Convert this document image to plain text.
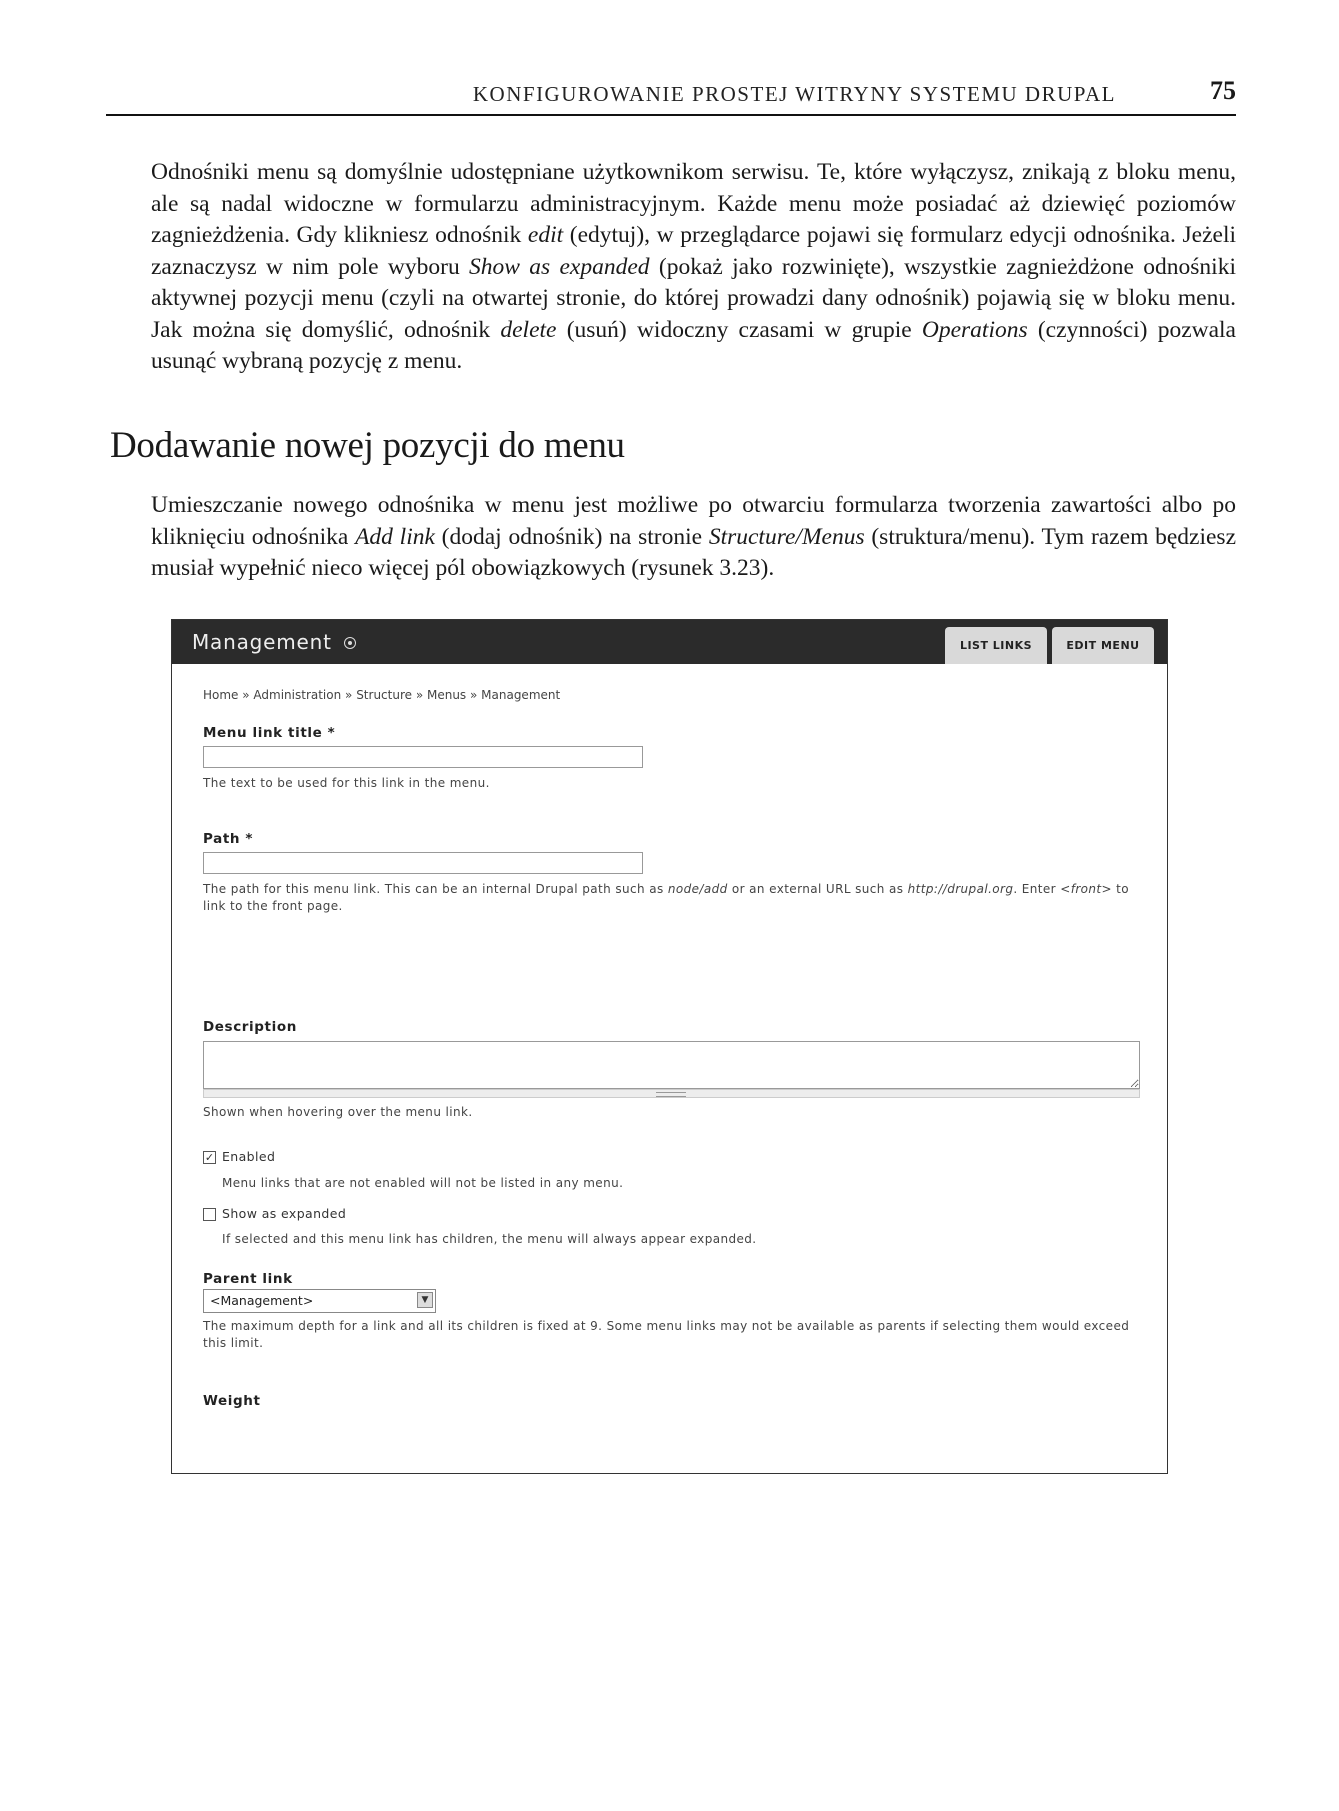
KONFIGUROWANIE PROSTEJ WITRYNY SYSTEMU DRUPAL	75

Odnośniki menu są domyślnie udostępniane użytkownikom serwisu. Te, które wyłączysz, znikają z bloku menu, ale są nadal widoczne w formularzu administracyjnym. Każde menu może posiadać aż dziewięć poziomów zagnieżdżenia. Gdy klikniesz odnośnik edit (edytuj), w przeglądarce pojawi się formularz edycji odnośnika. Jeżeli zaznaczysz w nim pole wyboru Show as expanded (pokaż jako rozwinięte), wszystkie zagnieżdżone odnośniki aktywnej pozycji menu (czyli na otwartej stronie, do której prowadzi dany odnośnik) pojawią się w bloku menu. Jak można się domyślić, odnośnik delete (usuń) widoczny czasami w grupie Operations (czynności) pozwala usunąć wybraną pozycję z menu.

Dodawanie nowej pozycji do menu

Umieszczanie nowego odnośnika w menu jest możliwe po otwarciu formularza tworzenia zawartości albo po kliknięciu odnośnika Add link (dodaj odnośnik) na stronie Structure/Menus (struktura/menu). Tym razem będziesz musiał wypełnić nieco więcej pól obowiązkowych (rysunek 3.23).

Management	LIST LINKS	EDIT MENU
Home » Administration » Structure » Menus » Management
Menu link title *
The text to be used for this link in the menu.
Path *
The path for this menu link. This can be an internal Drupal path such as node/add or an external URL such as http://drupal.org. Enter <front> to link to the front page.
Description
Shown when hovering over the menu link.
✓ Enabled
Menu links that are not enabled will not be listed in any menu.
Show as expanded
If selected and this menu link has children, the menu will always appear expanded.
Parent link
<Management>	▼
The maximum depth for a link and all its children is fixed at 9. Some menu links may not be available as parents if selecting them would exceed this limit.
Weight
